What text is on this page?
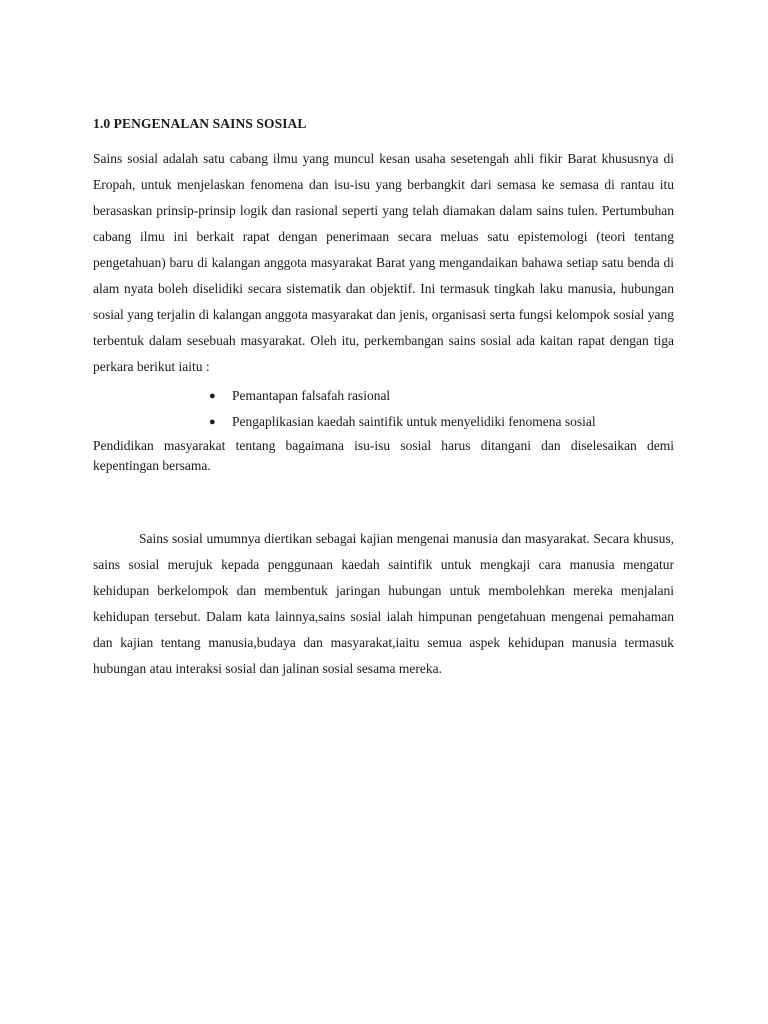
1.0 PENGENALAN SAINS SOSIAL

Sains sosial adalah satu cabang ilmu yang muncul kesan usaha sesetengah ahli fikir Barat khususnya di Eropah, untuk menjelaskan fenomena dan isu-isu yang berbangkit dari semasa ke semasa di rantau itu berasaskan prinsip-prinsip logik dan rasional seperti yang telah diamakan dalam sains tulen. Pertumbuhan cabang ilmu ini berkait rapat dengan penerimaan secara meluas satu epistemologi (teori tentang pengetahuan) baru di kalangan anggota masyarakat Barat yang mengandaikan bahawa setiap satu benda di alam nyata boleh diselidiki secara sistematik dan objektif. Ini termasuk tingkah laku manusia, hubungan sosial yang terjalin di kalangan anggota masyarakat dan jenis, organisasi serta fungsi kelompok sosial yang terbentuk dalam sesebuah masyarakat. Oleh itu, perkembangan sains sosial ada kaitan rapat dengan tiga perkara berikut iaitu :

● Pemantapan falsafah rasional
● Pengaplikasian kaedah saintifik untuk menyelidiki fenomena sosial

Pendidikan masyarakat tentang bagaimana isu-isu sosial harus ditangani dan diselesaikan demi kepentingan bersama.

Sains sosial umumnya diertikan sebagai kajian mengenai manusia dan masyarakat. Secara khusus, sains sosial merujuk kepada penggunaan kaedah saintifik untuk mengkaji cara manusia mengatur kehidupan berkelompok dan membentuk jaringan hubungan untuk membolehkan mereka menjalani kehidupan tersebut. Dalam kata lainnya,sains sosial ialah himpunan pengetahuan mengenai pemahaman dan kajian tentang manusia,budaya dan masyarakat,iaitu semua aspek kehidupan manusia termasuk hubungan atau interaksi sosial dan jalinan sosial sesama mereka.
